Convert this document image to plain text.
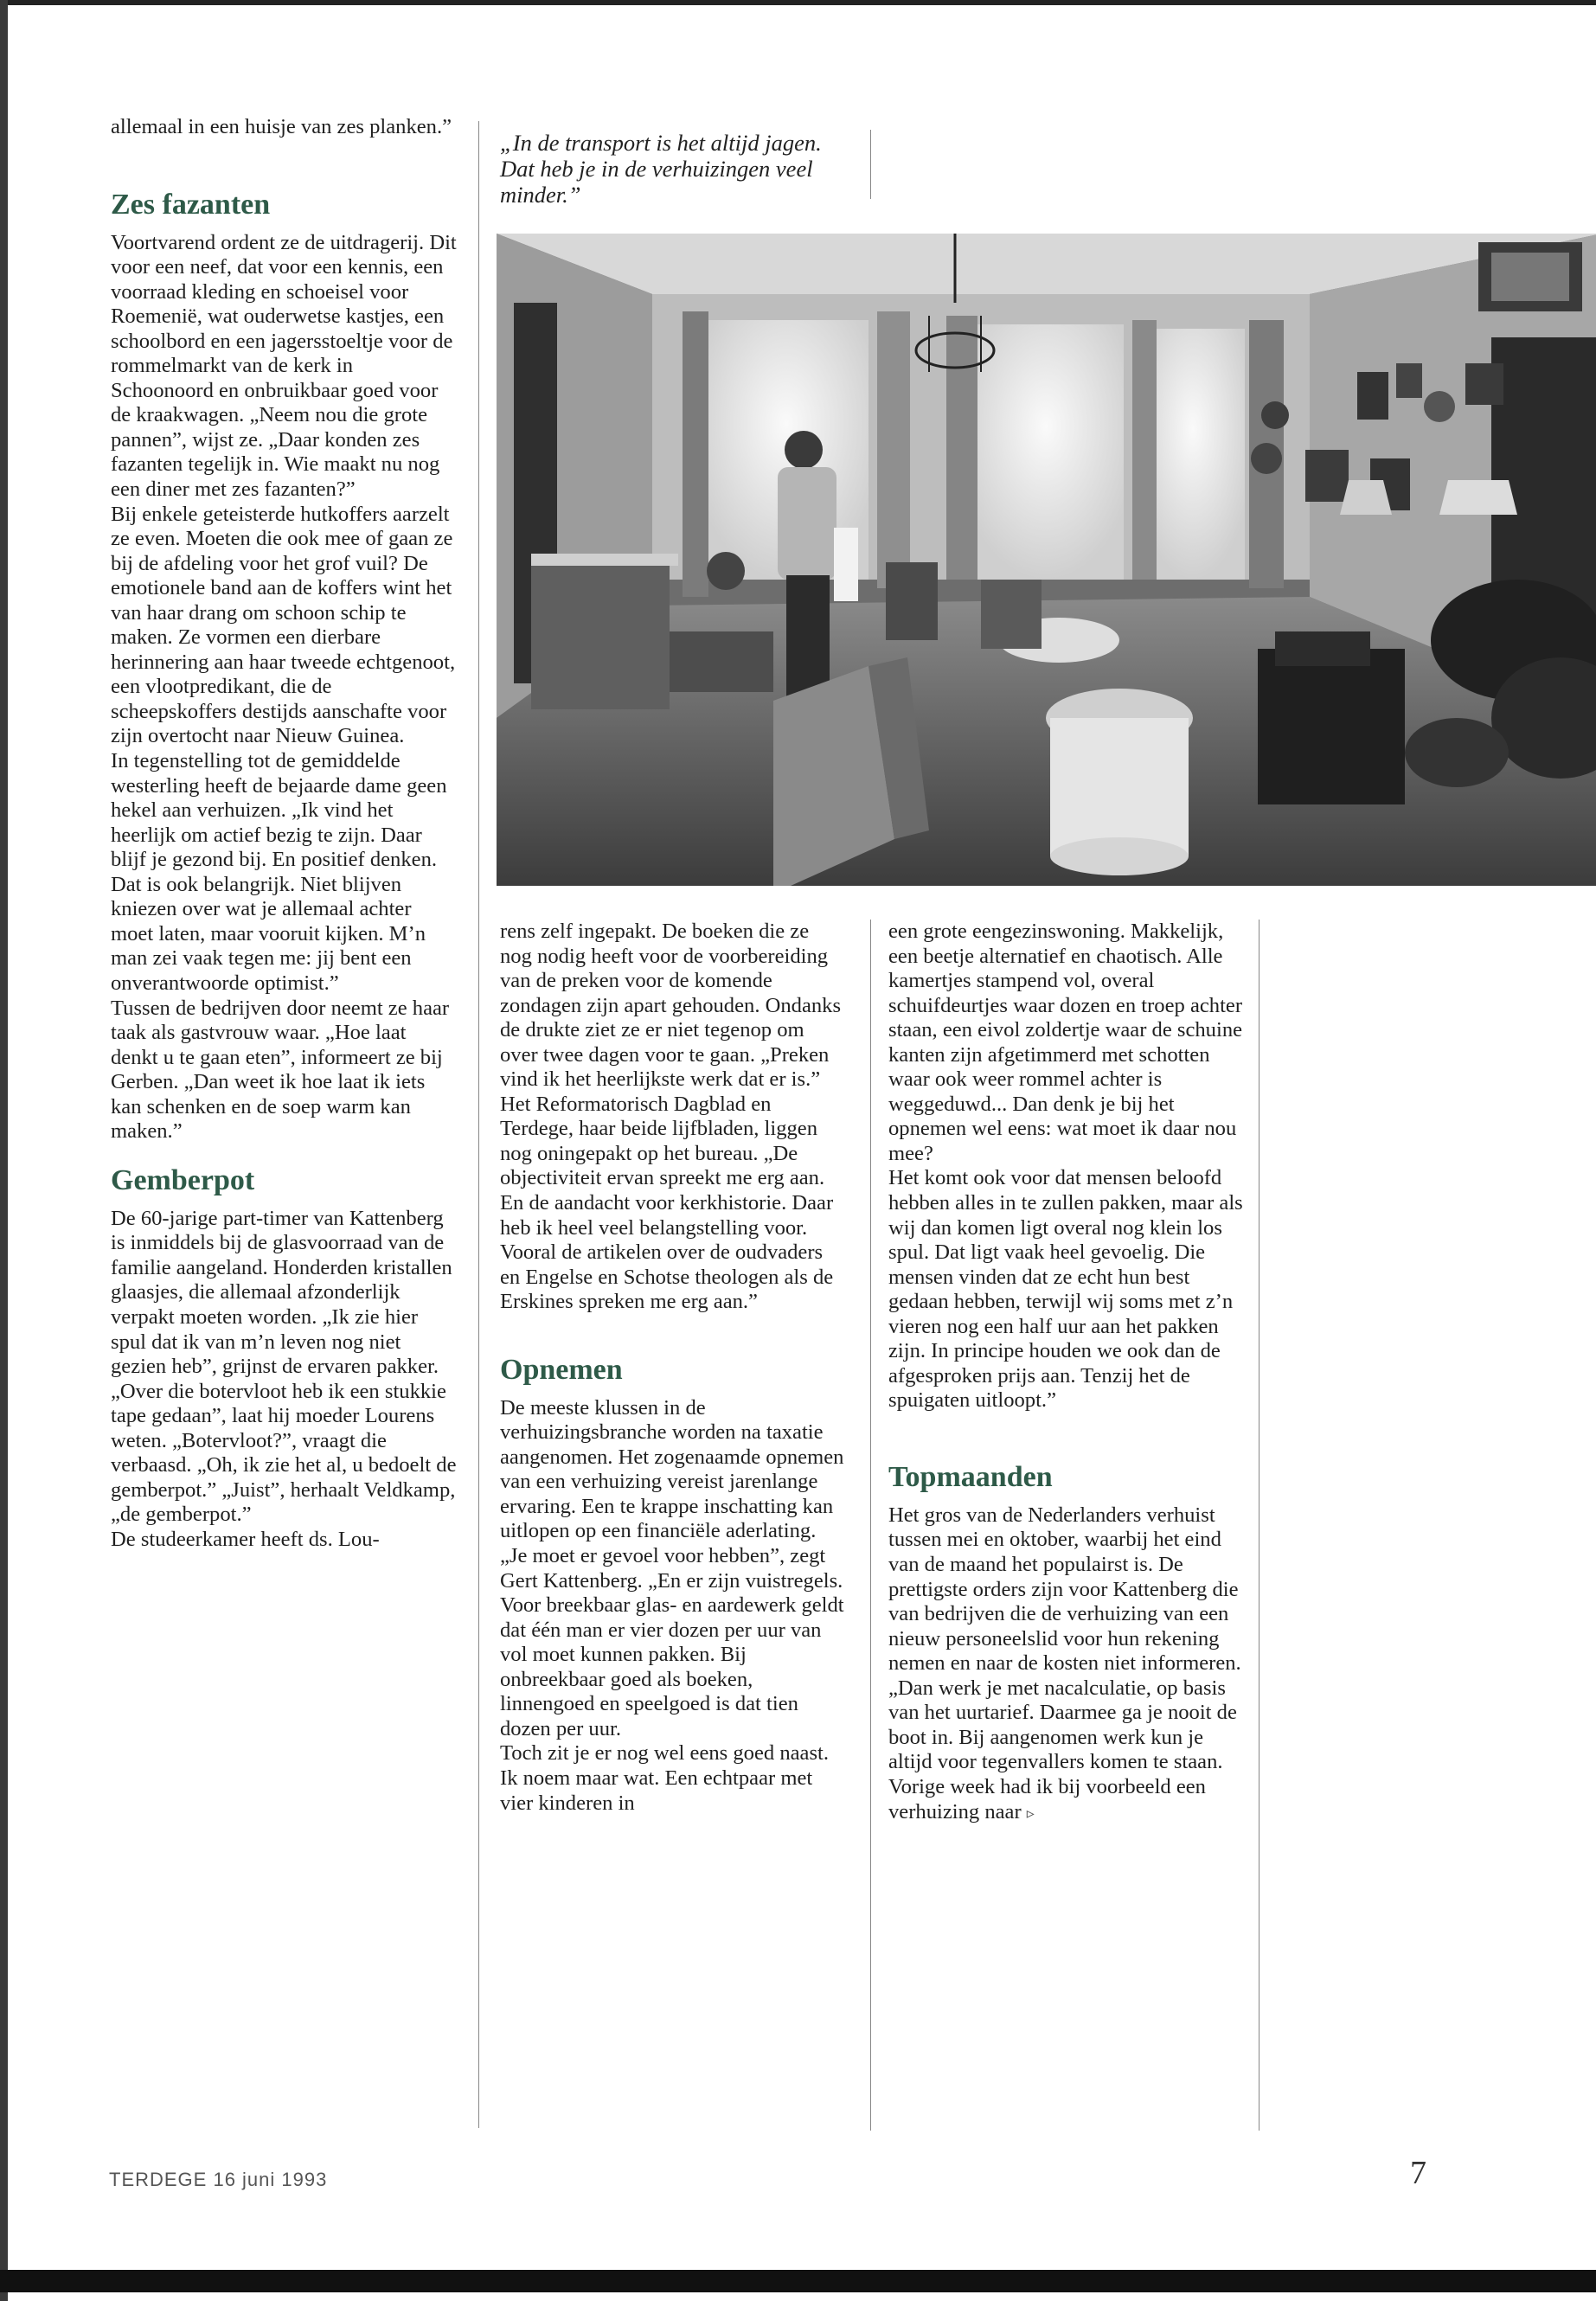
allemaal in een huisje van zes planken.”

Zes fazanten

Voortvarend ordent ze de uitdragerij. Dit voor een neef, dat voor een kennis, een voorraad kleding en schoeisel voor Roemenië, wat ouderwetse kastjes, een schoolbord en een jagersstoeltje voor de rommelmarkt van de kerk in Schoonoord en onbruikbaar goed voor de kraakwagen. „Neem nou die grote pannen”, wijst ze. „Daar konden zes fazanten tegelijk in. Wie maakt nu nog een diner met zes fazanten?”

Bij enkele geteisterde hutkoffers aarzelt ze even. Moeten die ook mee of gaan ze bij de afdeling voor het grof vuil? De emotionele band aan de koffers wint het van haar drang om schoon schip te maken. Ze vormen een dierbare herinnering aan haar tweede echtgenoot, een vlootpredikant, die de scheepskoffers destijds aanschafte voor zijn overtocht naar Nieuw Guinea.

In tegenstelling tot de gemiddelde westerling heeft de bejaarde dame geen hekel aan verhuizen. „Ik vind het heerlijk om actief bezig te zijn. Daar blijf je gezond bij. En positief denken. Dat is ook belangrijk. Niet blijven kniezen over wat je allemaal achter moet laten, maar vooruit kijken. M’n man zei vaak tegen me: jij bent een onverantwoorde optimist.”

Tussen de bedrijven door neemt ze haar taak als gastvrouw waar. „Hoe laat denkt u te gaan eten”, informeert ze bij Gerben. „Dan weet ik hoe laat ik iets kan schenken en de soep warm kan maken.”

Gemberpot

De 60-jarige part-timer van Kattenberg is inmiddels bij de glasvoorraad van de familie aangeland. Honderden kristallen glaasjes, die allemaal afzonderlijk verpakt moeten worden. „Ik zie hier spul dat ik van m’n leven nog niet gezien heb”, grijnst de ervaren pakker.

„Over die botervloot heb ik een stukkie tape gedaan”, laat hij moeder Lourens weten. „Botervloot?”, vraagt die verbaasd. „Oh, ik zie het al, u bedoelt de gemberpot.” „Juist”, herhaalt Veldkamp, „de gemberpot.”

De studeerkamer heeft ds. Lou-

„In de transport is het altijd jagen. Dat heb je in de verhuizingen veel minder.”

rens zelf ingepakt. De boeken die ze nog nodig heeft voor de voorbereiding van de preken voor de komende zondagen zijn apart gehouden. Ondanks de drukte ziet ze er niet tegenop om over twee dagen voor te gaan. „Preken vind ik het heerlijkste werk dat er is.”

Het Reformatorisch Dagblad en Terdege, haar beide lijfbladen, liggen nog oningepakt op het bureau. „De objectiviteit ervan spreekt me erg aan. En de aandacht voor kerkhistorie. Daar heb ik heel veel belangstelling voor. Vooral de artikelen over de oudvaders en Engelse en Schotse theologen als de Erskines spreken me erg aan.”

Opnemen

De meeste klussen in de verhuizingsbranche worden na taxatie aangenomen. Het zogenaamde opnemen van een verhuizing vereist jarenlange ervaring. Een te krappe inschatting kan uitlopen op een financiële aderlating. „Je moet er gevoel voor hebben”, zegt Gert Kattenberg. „En er zijn vuistregels. Voor breekbaar glas- en aardewerk geldt dat één man er vier dozen per uur van vol moet kunnen pakken. Bij onbreekbaar goed als boeken, linnengoed en speelgoed is dat tien dozen per uur.

Toch zit je er nog wel eens goed naast. Ik noem maar wat. Een echtpaar met vier kinderen in

een grote eengezinswoning. Makkelijk, een beetje alternatief en chaotisch. Alle kamertjes stampend vol, overal schuifdeurtjes waar dozen en troep achter staan, een eivol zoldertje waar de schuine kanten zijn afgetimmerd met schotten waar ook weer rommel achter is weggeduwd... Dan denk je bij het opnemen wel eens: wat moet ik daar nou mee?

Het komt ook voor dat mensen beloofd hebben alles in te zullen pakken, maar als wij dan komen ligt overal nog klein los spul. Dat ligt vaak heel gevoelig. Die mensen vinden dat ze echt hun best gedaan hebben, terwijl wij soms met z’n vieren nog een half uur aan het pakken zijn. In principe houden we ook dan de afgesproken prijs aan. Tenzij het de spuigaten uitloopt.”

Topmaanden

Het gros van de Nederlanders verhuist tussen mei en oktober, waarbij het eind van de maand het populairst is. De prettigste orders zijn voor Kattenberg die van bedrijven die de verhuizing van een nieuw personeelslid voor hun rekening nemen en naar de kosten niet informeren. „Dan werk je met nacalculatie, op basis van het uurtarief. Daarmee ga je nooit de boot in. Bij aangenomen werk kun je altijd voor tegenvallers komen te staan. Vorige week had ik bij voorbeeld een verhuizing naar ▹

TERDEGE 16 juni 1993	7
